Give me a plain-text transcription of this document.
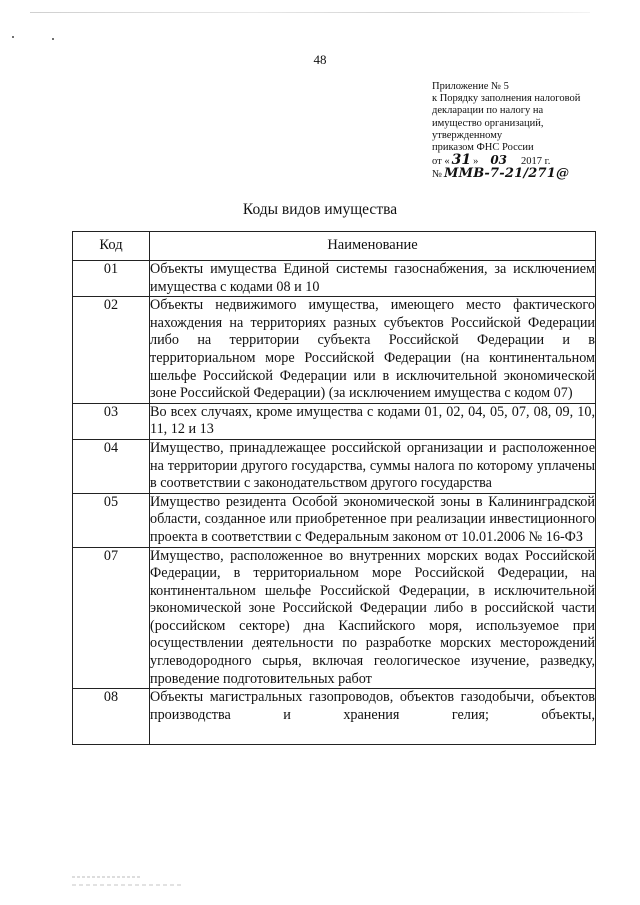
48
Приложение № 5
к Порядку заполнения налоговой
декларации по налогу на
имущество организаций,
утвержденному
приказом ФНС России
от « 31 » 03 2017 г.
№ ММВ-7-21/271@
Коды видов имущества
Код	Наименование
01	Объекты имущества Единой системы газоснабжения, за исключением имущества с кодами 08 и 10
02	Объекты недвижимого имущества, имеющего место фактического нахождения на территориях разных субъектов Российской Федерации либо на территории субъекта Российской Федерации и в территориальном море Российской Федерации (на континентальном шельфе Российской Федерации или в исключительной экономической зоне Российской Федерации) (за исключением имущества с кодом 07)
03	Во всех случаях, кроме имущества с кодами 01, 02, 04, 05, 07, 08, 09, 10, 11, 12 и 13
04	Имущество, принадлежащее российской организации и расположенное на территории другого государства, суммы налога по которому уплачены в соответствии с законодательством другого государства
05	Имущество резидента Особой экономической зоны в Калининградской области, созданное или приобретенное при реализации инвестиционного проекта в соответствии с Федеральным законом от 10.01.2006 № 16-ФЗ
07	Имущество, расположенное во внутренних морских водах Российской Федерации, в территориальном море Российской Федерации, на континентальном шельфе Российской Федерации, в исключительной экономической зоне Российской Федерации либо в российской части (российском секторе) дна Каспийского моря, используемое при осуществлении деятельности по разработке морских месторождений углеводородного сырья, включая геологическое изучение, разведку, проведение подготовительных работ
08	Объекты магистральных газопроводов, объектов газодобычи, объектов производства и хранения гелия; объекты,
